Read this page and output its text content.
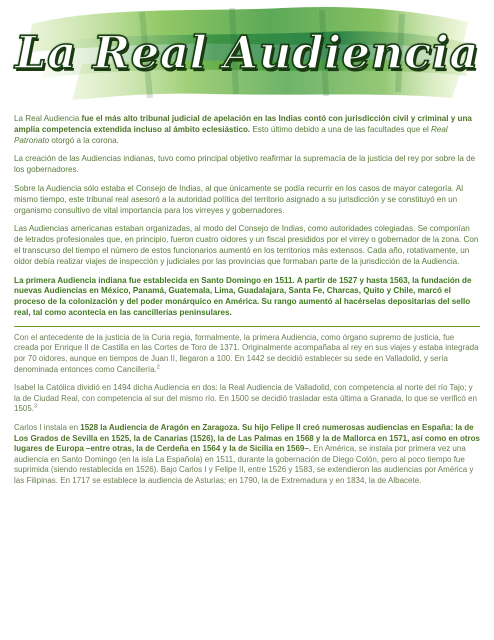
La Real Audiencia

La Real Audiencia fue el más alto tribunal judicial de apelación en las Indias contó con jurisdicción civil y criminal y una amplia competencia extendida incluso al ámbito eclesiástico. Esto último debido a una de las facultades que el Real Patronato otorgó a la corona.

La creación de las Audiencias indianas, tuvo como principal objetivo reafirmar la supremacía de la justicia del rey por sobre la de los gobernadores.

Sobre la Audiencia sólo estaba el Consejo de Indias, al que únicamente se podía recurrir en los casos de mayor categoría. Al mismo tiempo, este tribunal real asesoró a la autoridad política del territorio asignado a su jurisdicción y se constituyó en un organismo consultivo de vital importancia para los virreyes y gobernadores.

Las Audiencias americanas estaban organizadas, al modo del Consejo de Indias, como autoridades colegiadas. Se componían de letrados profesionales que, en principio, fueron cuatro oidores y un fiscal presididos por el virrey o gobernador de la zona. Con el transcurso del tiempo el número de estos funcionarios aumentó en los territorios más extensos. Cada año, rotativamente, un oidor debía realizar viajes de inspección y judiciales por las provincias que formaban parte de la jurisdicción de la Audiencia.

La primera Audiencia indiana fue establecida en Santo Domingo en 1511. A partir de 1527 y hasta 1563, la fundación de nuevas Audiencias en México, Panamá, Guatemala, Lima, Guadalajara, Santa Fe, Charcas, Quito y Chile, marcó el proceso de la colonización y del poder monárquico en América. Su rango aumentó al hacérselas depositarias del sello real, tal como acontecía en las cancillerías peninsulares.

Con el antecedente de la justicia de la Curia regia, formalmente, la primera Audiencia, como órgano supremo de justicia, fue creada por Enrique II de Castilla en las Cortes de Toro de 1371. Originalmente acompañaba al rey en sus viajes y estaba integrada por 70 oidores, aunque en tiempos de Juan II, llegaron a 100. En 1442 se decidió establecer su sede en Valladolid, y sería denominada entonces como Cancillería.$^2$

Isabel la Católica dividió en 1494 dicha Audiencia en dos: la Real Audiencia de Valladolid, con competencia al norte del río Tajo; y la de Ciudad Real, con competencia al sur del mismo río. En 1500 se decidió trasladar esta última a Granada, lo que se verificó en 1505.$^3$

Carlos I instala en 1528 la Audiencia de Aragón en Zaragoza. Su hijo Felipe II creó numerosas audiencias en España: la de Los Grados de Sevilla en 1525, la de Canarias (1526), la de Las Palmas en 1568 y la de Mallorca en 1571, así como en otros lugares de Europa –entre otras, la de Cerdeña en 1564 y la de Sicilia en 1569–. En América, se instala por primera vez una audiencia en Santo Domingo (en la isla La Española) en 1511, durante la gobernación de Diego Colón, pero al poco tiempo fue suprimida (siendo restablecida en 1526). Bajo Carlos I y Felipe II, entre 1526 y 1583, se extendieron las audiencias por América y las Filipinas. En 1717 se establece la audiencia de Asturias; en 1790, la de Extremadura y en 1834, la de Albacete.
